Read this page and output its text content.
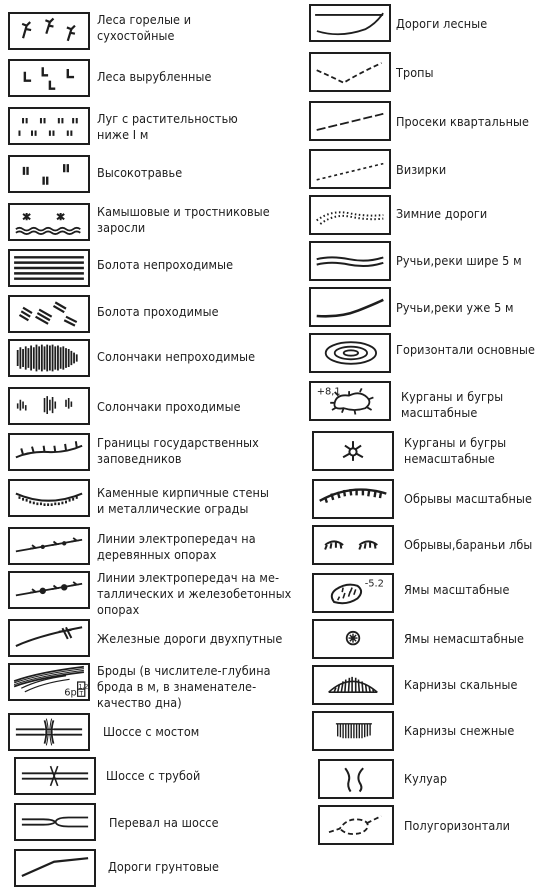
Леса горелые и
сухостойные
Леса вырубленные
Луг с растительностью
ниже I м
Высокотравье
Камышовые и тростниковые
заросли
Болота непроходимые
Болота проходимые
Солончаки непроходимые
Солончаки проходимые
Границы государственных
заповедников
Каменные кирпичные стены
и металлические ограды
Линии электропередач на
деревянных опорах
Линии электропередач на ме-
таллических и железобетонных
опорах
Железные дороги двухпутные
6р
1,2
T
Броды (в числителе-глубина
брода в м, в знаменателе-
качество дна)
Шоссе с мостом
Шоссе с трубой
Перевал на шоссе
Дороги грунтовые
Дороги лесные
Тропы
Просеки квартальные
Визирки
Зимние дороги
Ручьи,реки шире 5 м
Ручьи,реки уже 5 м
Горизонтали основные
+8,1	Курганы и бугры
масштабные
Курганы и бугры
немасштабные
Обрывы масштабные
Обрывы,бараньи лбы
-5.2 Ямы масштабные
Ямы немасштабные
Карнизы скальные
Карнизы снежные
Кулуар
Полугоризонтали
